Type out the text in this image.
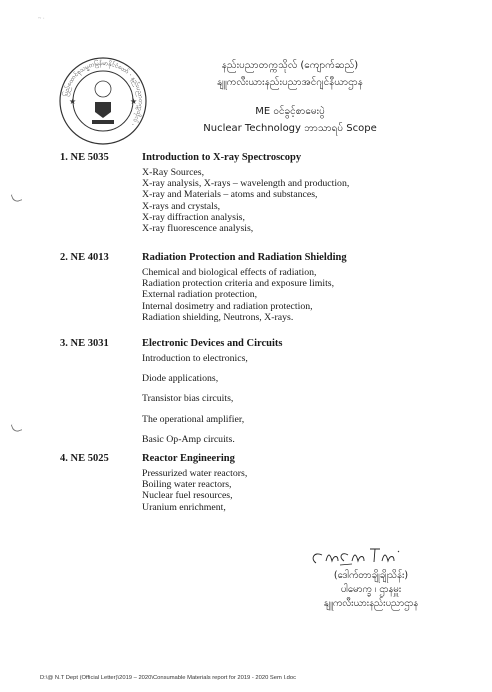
~ ·
ပြည်ထောင်စုသမ္မတမြန်မာနိုင်ငံတော် · နည်းပညာတက္ကသိုလ် ·
★	★
နည်းပညာတက္ကသိုလ် (ကျောက်ဆည်)
နျူကလီးယားနည်းပညာအင်ဂျင်နီယာဌာန
ME ဝင်ခွင့်စာမေးပွဲ
Nuclear Technology ဘာသာရပ် Scope
1. NE 5035	Introduction to X-ray Spectroscopy
X-Ray Sources,
X-ray analysis, X-rays – wavelength and production,
X-ray and Materials – atoms and substances,
X-rays and crystals,
X-ray diffraction analysis,
X-ray fluorescence analysis,
2. NE 4013	Radiation Protection and Radiation Shielding
Chemical and biological effects of radiation,
Radiation protection criteria and exposure limits,
External radiation protection,
Internal dosimetry and radiation protection,
Radiation shielding, Neutrons, X-rays.
3. NE 3031	Electronic Devices and Circuits
Introduction to electronics,
Diode applications,
Transistor bias circuits,
The operational amplifier,
Basic Op-Amp circuits.
4. NE 5025	Reactor Engineering
Pressurized water reactors,
Boiling water reactors,
Nuclear fuel resources,
Uranium enrichment,
(ဒေါက်တာချိုချိုသိန်း)
ပါမောက္ခ ၊ ဌာနမှူး
နျူကလီးယားနည်းပညာဌာန
D:\@ N.T Dept (Official Letter)\2019 – 2020\Consumable Materials report for 2019 - 2020 Sem I.doc
